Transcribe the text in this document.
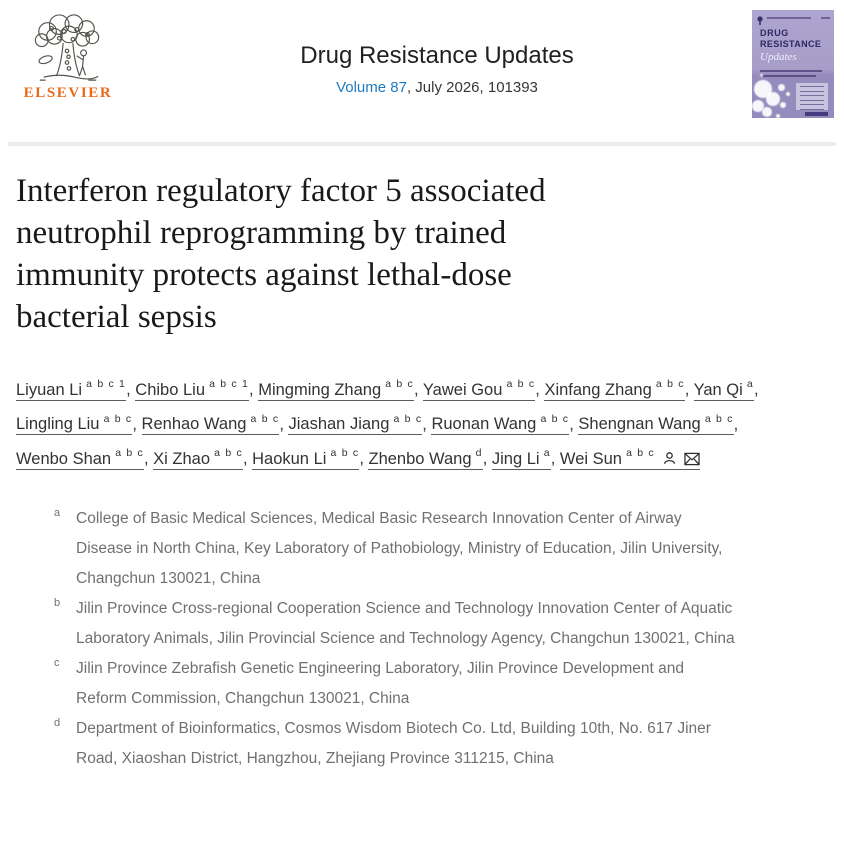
ELSEVIER
Drug Resistance Updates
Volume 87, July 2026, 101393
DRUG
RESISTANCE
Updates
Interferon regulatory factor 5 associated
neutrophil reprogramming by trained
immunity protects against lethal-dose
bacterial sepsis
Liyuan Li $^{a b c 1}$, Chibo Liu $^{a b c 1}$, Mingming Zhang $^{a b c}$, Yawei Gou $^{a b c}$, Xinfang Zhang $^{a b c}$, Yan Qi $^a$, Lingling Liu $^{a b c}$, Renhao Wang $^{a b c}$, Jiashan Jiang $^{a b c}$, Ruonan Wang $^{a b c}$, Shengnan Wang $^{a b c}$, Wenbo Shan $^{a b c}$, Xi Zhao $^{a b c}$, Haokun Li $^{a b c}$, Zhenbo Wang $^d$, Jing Li $^a$, Wei Sun $^{a b c}$
a	College of Basic Medical Sciences, Medical Basic Research Innovation Center of Airway Disease in North China, Key Laboratory of Pathobiology, Ministry of Education, Jilin University, Changchun 130021, China
b	Jilin Province Cross-regional Cooperation Science and Technology Innovation Center of Aquatic Laboratory Animals, Jilin Provincial Science and Technology Agency, Changchun 130021, China
c	Jilin Province Zebrafish Genetic Engineering Laboratory, Jilin Province Development and Reform Commission, Changchun 130021, China
d	Department of Bioinformatics, Cosmos Wisdom Biotech Co. Ltd, Building 10th, No. 617 Jiner Road, Xiaoshan District, Hangzhou, Zhejiang Province 311215, China
